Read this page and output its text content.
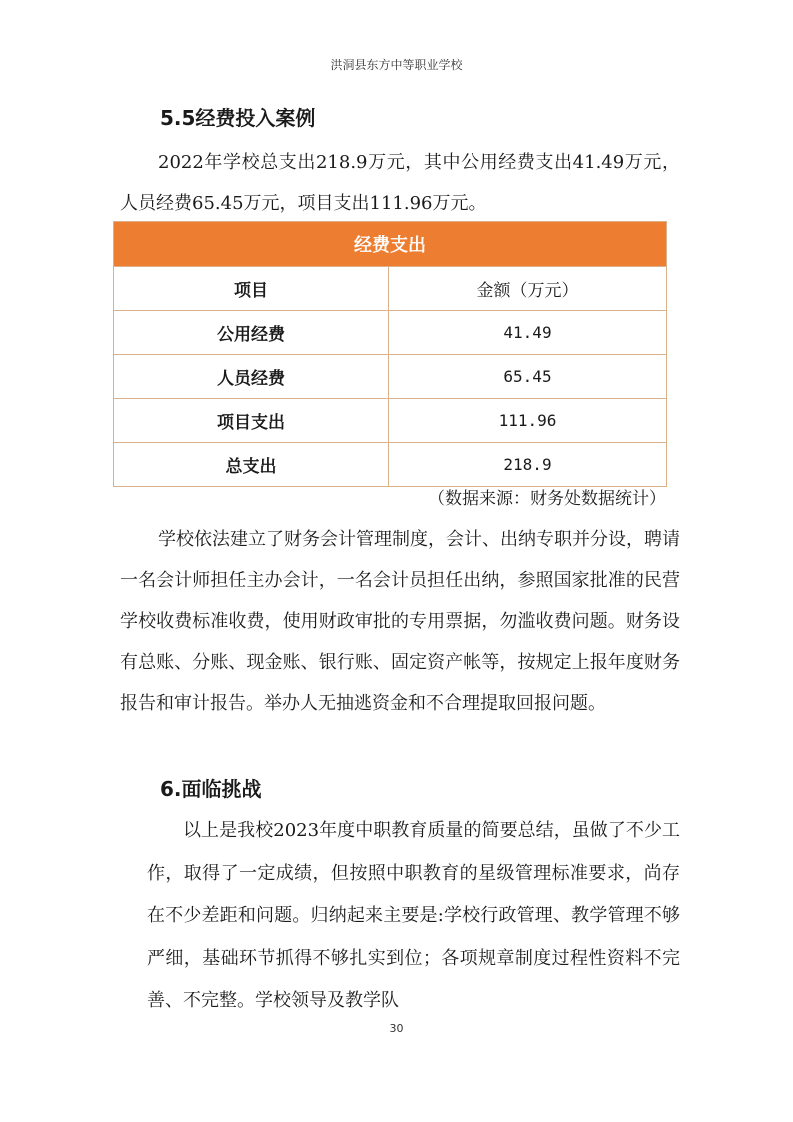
洪洞县东方中等职业学校
5.5经费投入案例

2022年学校总支出218.9万元，其中公用经费支出41.49万元，人员经费65.45万元，项目支出111.96万元。

经费支出	
项目	金额（万元）
公用经费	41.49
人员经费	65.45
项目支出	111.96
总支出	218.9
（数据来源：财务处数据统计）

学校依法建立了财务会计管理制度，会计、出纳专职并分设，聘请一名会计师担任主办会计，一名会计员担任出纳，参照国家批准的民营学校收费标准收费，使用财政审批的专用票据，勿滥收费问题。财务设有总账、分账、现金账、银行账、固定资产帐等，按规定上报年度财务报告和审计报告。举办人无抽逃资金和不合理提取回报问题。

6.面临挑战

以上是我校2023年度中职教育质量的简要总结，虽做了不少工作，取得了一定成绩，但按照中职教育的星级管理标准要求，尚存在不少差距和问题。归纳起来主要是:学校行政管理、教学管理不够严细，基础环节抓得不够扎实到位；各项规章制度过程性资料不完善、不完整。学校领导及教学队

30
